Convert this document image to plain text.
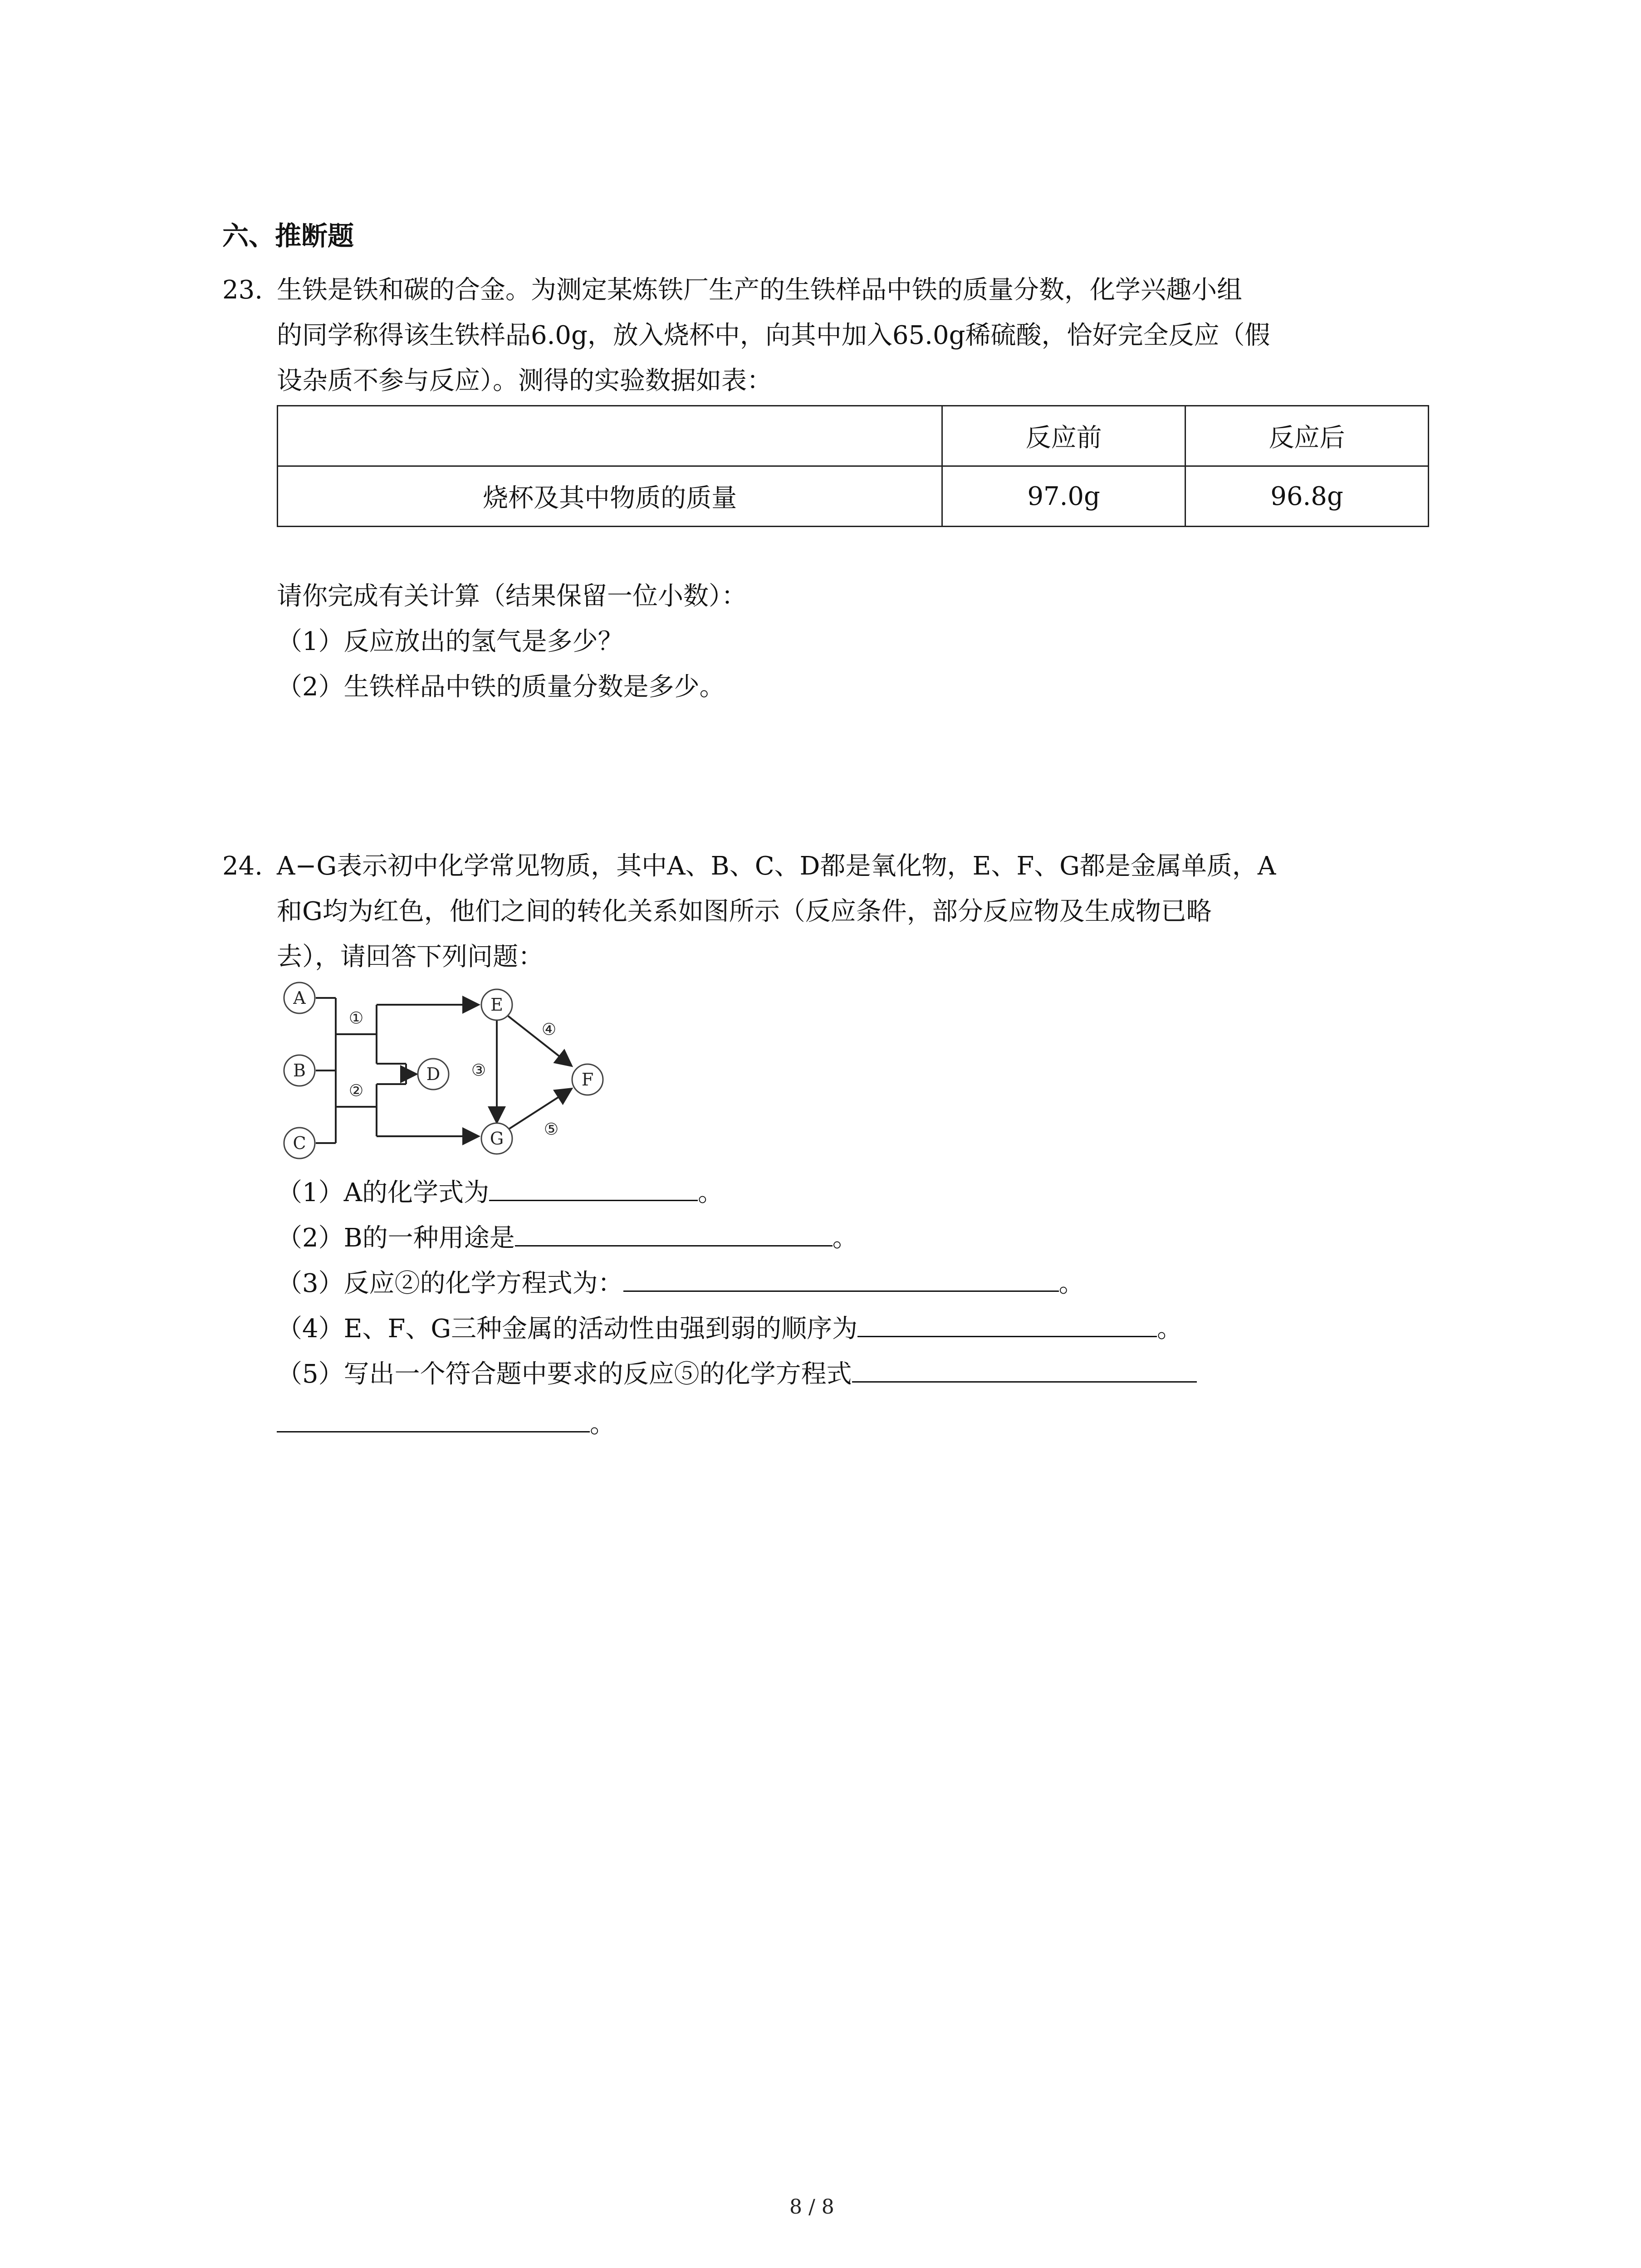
六、推断题
23. 生铁是铁和碳的合金。为测定某炼铁厂生产的生铁样品中铁的质量分数，化学兴趣小组
的同学称得该生铁样品6.0g，放入烧杯中，向其中加入65.0g稀硫酸，恰好完全反应（假
设杂质不参与反应）。测得的实验数据如表：
	反应前	反应后
烧杯及其中物质的质量	97.0g	96.8g
请你完成有关计算（结果保留一位小数）：
（1）反应放出的氢气是多少？
（2）生铁样品中铁的质量分数是多少。
24. A−G表示初中化学常见物质，其中A、B、C、D都是氧化物，E、F、G都是金属单质，A
和G均为红色，他们之间的转化关系如图所示（反应条件，部分反应物及生成物已略
去），请回答下列问题：
A
B
C
D
E
F
G
①
②
③
④
⑤
（1）A的化学式为	。
（2）B的一种用途是	。
（3）反应②的化学方程式为：	。
（4）E、F、G三种金属的活动性由强到弱的顺序为	。
（5）写出一个符合题中要求的反应⑤的化学方程式
。
8 / 8
